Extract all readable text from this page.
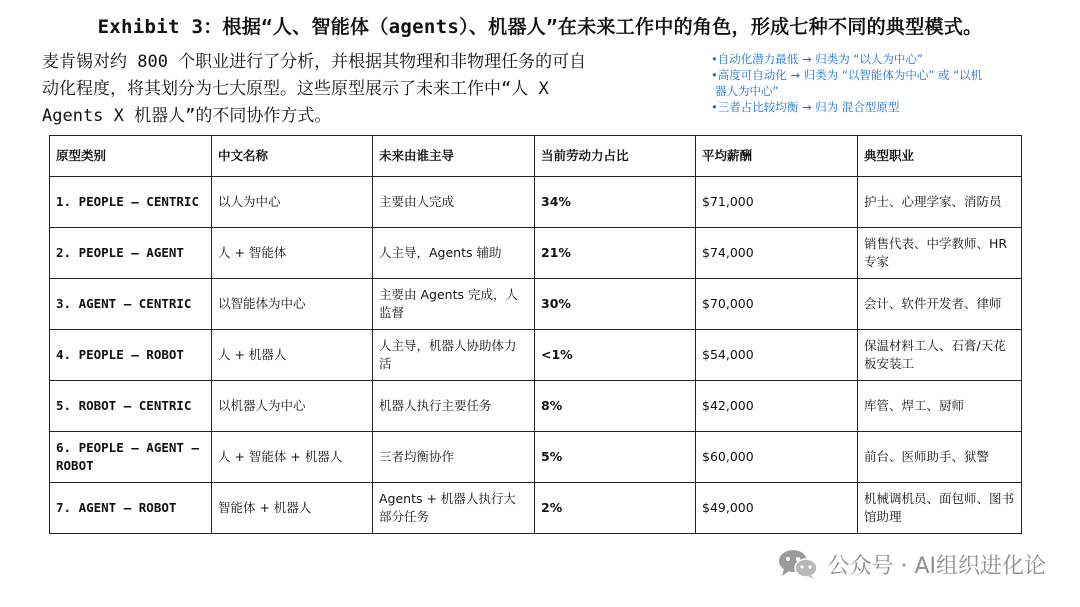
Exhibit 3：根据“人、智能体（agents）、机器人”在未来工作中的角色，形成七种不同的典型模式。
麦肯锡对约 800 个职业进行了分析，并根据其物理和非物理任务的可自
动化程度，将其划分为七大原型。这些原型展示了未来工作中“人 X
Agents X 机器人”的不同协作方式。
•自动化潜力最低 → 归类为 “以人为中心”
•高度可自动化 → 归类为 “以智能体为中心” 或 “以机
器人为中心”
•三者占比较均衡 → 归为 混合型原型
原型类别	中文名称	未来由谁主导	当前劳动力占比	平均薪酬	典型职业
1. PEOPLE – CENTRIC	以人为中心	主要由人完成	34%	$71,000	护士、心理学家、消防员
2. PEOPLE – AGENT	人 + 智能体	人主导，Agents 辅助	21%	$74,000	销售代表、中学教师、HR 专家
3. AGENT – CENTRIC	以智能体为中心	主要由 Agents 完成，人监督	30%	$70,000	会计、软件开发者、律师
4. PEOPLE – ROBOT	人 + 机器人	人主导，机器人协助体力活	<1%	$54,000	保温材料工人、石膏/天花板安装工
5. ROBOT – CENTRIC	以机器人为中心	机器人执行主要任务	8%	$42,000	库管、焊工、厨师
6. PEOPLE – AGENT – ROBOT	人 + 智能体 + 机器人	三者均衡协作	5%	$60,000	前台、医师助手、狱警
7. AGENT – ROBOT	智能体 + 机器人	Agents + 机器人执行大部分任务	2%	$49,000	机械调机员、面包师、图书馆助理
公众号 · AI组织进化论
